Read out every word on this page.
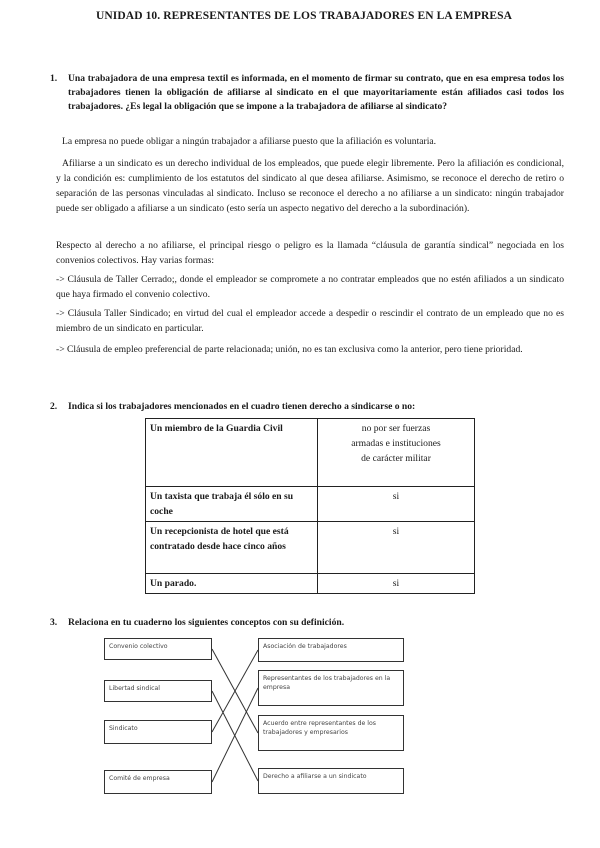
UNIDAD 10. REPRESENTANTES DE LOS TRABAJADORES EN LA EMPRESA
1. Una trabajadora de una empresa textil es informada, en el momento de firmar su contrato, que en esa empresa todos los trabajadores tienen la obligación de afiliarse al sindicato en el que mayoritariamente están afiliados casi todos los trabajadores. ¿Es legal la obligación que se impone a la trabajadora de afiliarse al sindicato?

La empresa no puede obligar a ningún trabajador a afiliarse puesto que la afiliación es voluntaria.

Afiliarse a un sindicato es un derecho individual de los empleados, que puede elegir libremente. Pero la afiliación es condicional, y la condición es: cumplimiento de los estatutos del sindicato al que desea afiliarse. Asimismo, se reconoce el derecho de retiro o separación de las personas vinculadas al sindicato. Incluso se reconoce el derecho a no afiliarse a un sindicato: ningún trabajador puede ser obligado a afiliarse a un sindicato (esto sería un aspecto negativo del derecho a la subordinación).

Respecto al derecho a no afiliarse, el principal riesgo o peligro es la llamada “cláusula de garantía sindical” negociada en los convenios colectivos. Hay varias formas:

-> Cláusula de Taller Cerrado;, donde el empleador se compromete a no contratar empleados que no estén afiliados a un sindicato que haya firmado el convenio colectivo.

-> Cláusula Taller Sindicado; en virtud del cual el empleador accede a despedir o rescindir el contrato de un empleado que no es miembro de un sindicato en particular.

-> Cláusula de empleo preferencial de parte relacionada; unión, no es tan exclusiva como la anterior, pero tiene prioridad.

2. Indica si los trabajadores mencionados en el cuadro tienen derecho a sindicarse o no:
Un miembro de la Guardia Civil	no por ser fuerzas armadas e instituciones de carácter militar
Un taxista que trabaja él sólo en su coche	si
Un recepcionista de hotel que está contratado desde hace cinco años	si
Un parado.	si
3. Relaciona en tu cuaderno los siguientes conceptos con su definición.
Convenio colectivo
Libertad sindical
Sindicato
Comité de empresa
Asociación de trabajadores
Representantes de los trabajadores en la empresa
Acuerdo entre representantes de los trabajadores y empresarios
Derecho a afiliarse a un sindicato
